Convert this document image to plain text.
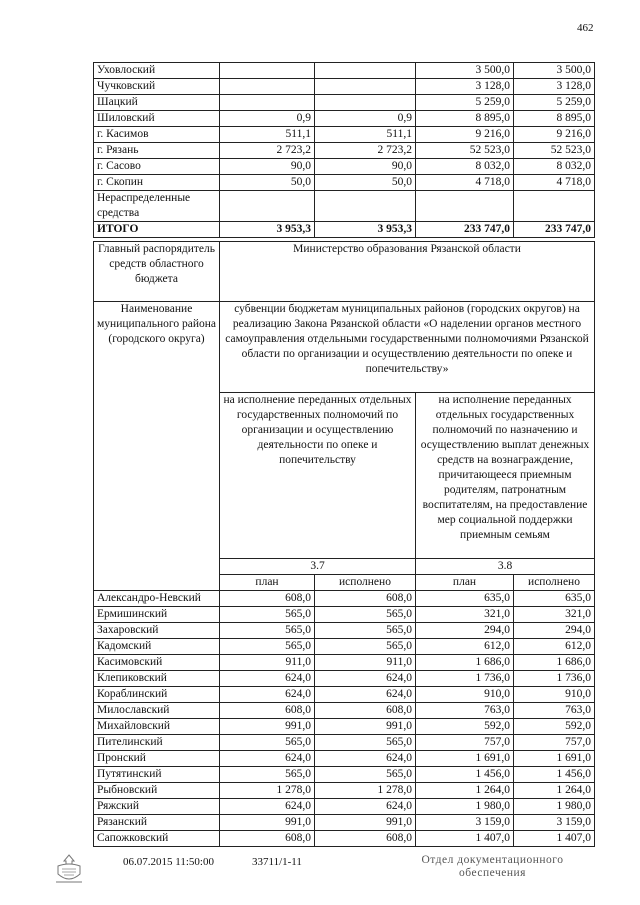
462
Уховлоский			3 500,0	3 500,0
Чучковский			3 128,0	3 128,0
Шацкий			5 259,0	5 259,0
Шиловский	0,9	0,9	8 895,0	8 895,0
г. Касимов	511,1	511,1	9 216,0	9 216,0
г. Рязань	2 723,2	2 723,2	52 523,0	52 523,0
г. Сасово	90,0	90,0	8 032,0	8 032,0
г. Скопин	50,0	50,0	4 718,0	4 718,0
Нераспределенные средства				
ИТОГО	3 953,3	3 953,3	233 747,0	233 747,0
Главный распорядитель средств областного бюджета	Министерство образования Рязанской области			
Наименование муниципального района (городского округа)	субвенции бюджетам муниципальных районов (городских округов) на реализацию Закона Рязанской области «О наделении органов местного самоуправления отдельными государственными полномочиями Рязанской области по организации и осуществлению деятельности по опеке и попечительству»			
	на исполнение переданных отдельных государственных полномочий по организации и осуществлению деятельности по опеке и попечительству		на исполнение переданных отдельных государственных полномочий по назначению и осуществлению выплат денежных средств на вознаграждение, причитающееся приемным родителям, патронатным воспитателям, на предоставление мер социальной поддержки приемным семьям	
	3.7		3.8	
	план	исполнено	план	исполнено
Александро-Невский	608,0	608,0	635,0	635,0
Ермишинский	565,0	565,0	321,0	321,0
Захаровский	565,0	565,0	294,0	294,0
Кадомский	565,0	565,0	612,0	612,0
Касимовский	911,0	911,0	1 686,0	1 686,0
Клепиковский	624,0	624,0	1 736,0	1 736,0
Кораблинский	624,0	624,0	910,0	910,0
Милославский	608,0	608,0	763,0	763,0
Михайловский	991,0	991,0	592,0	592,0
Пителинский	565,0	565,0	757,0	757,0
Пронский	624,0	624,0	1 691,0	1 691,0
Путятинский	565,0	565,0	1 456,0	1 456,0
Рыбновский	1 278,0	1 278,0	1 264,0	1 264,0
Ряжский	624,0	624,0	1 980,0	1 980,0
Рязанский	991,0	991,0	3 159,0	3 159,0
Сапожковский	608,0	608,0	1 407,0	1 407,0
06.07.2015 11:50:00	33711/1-11	Отдел документационного обеспечения
